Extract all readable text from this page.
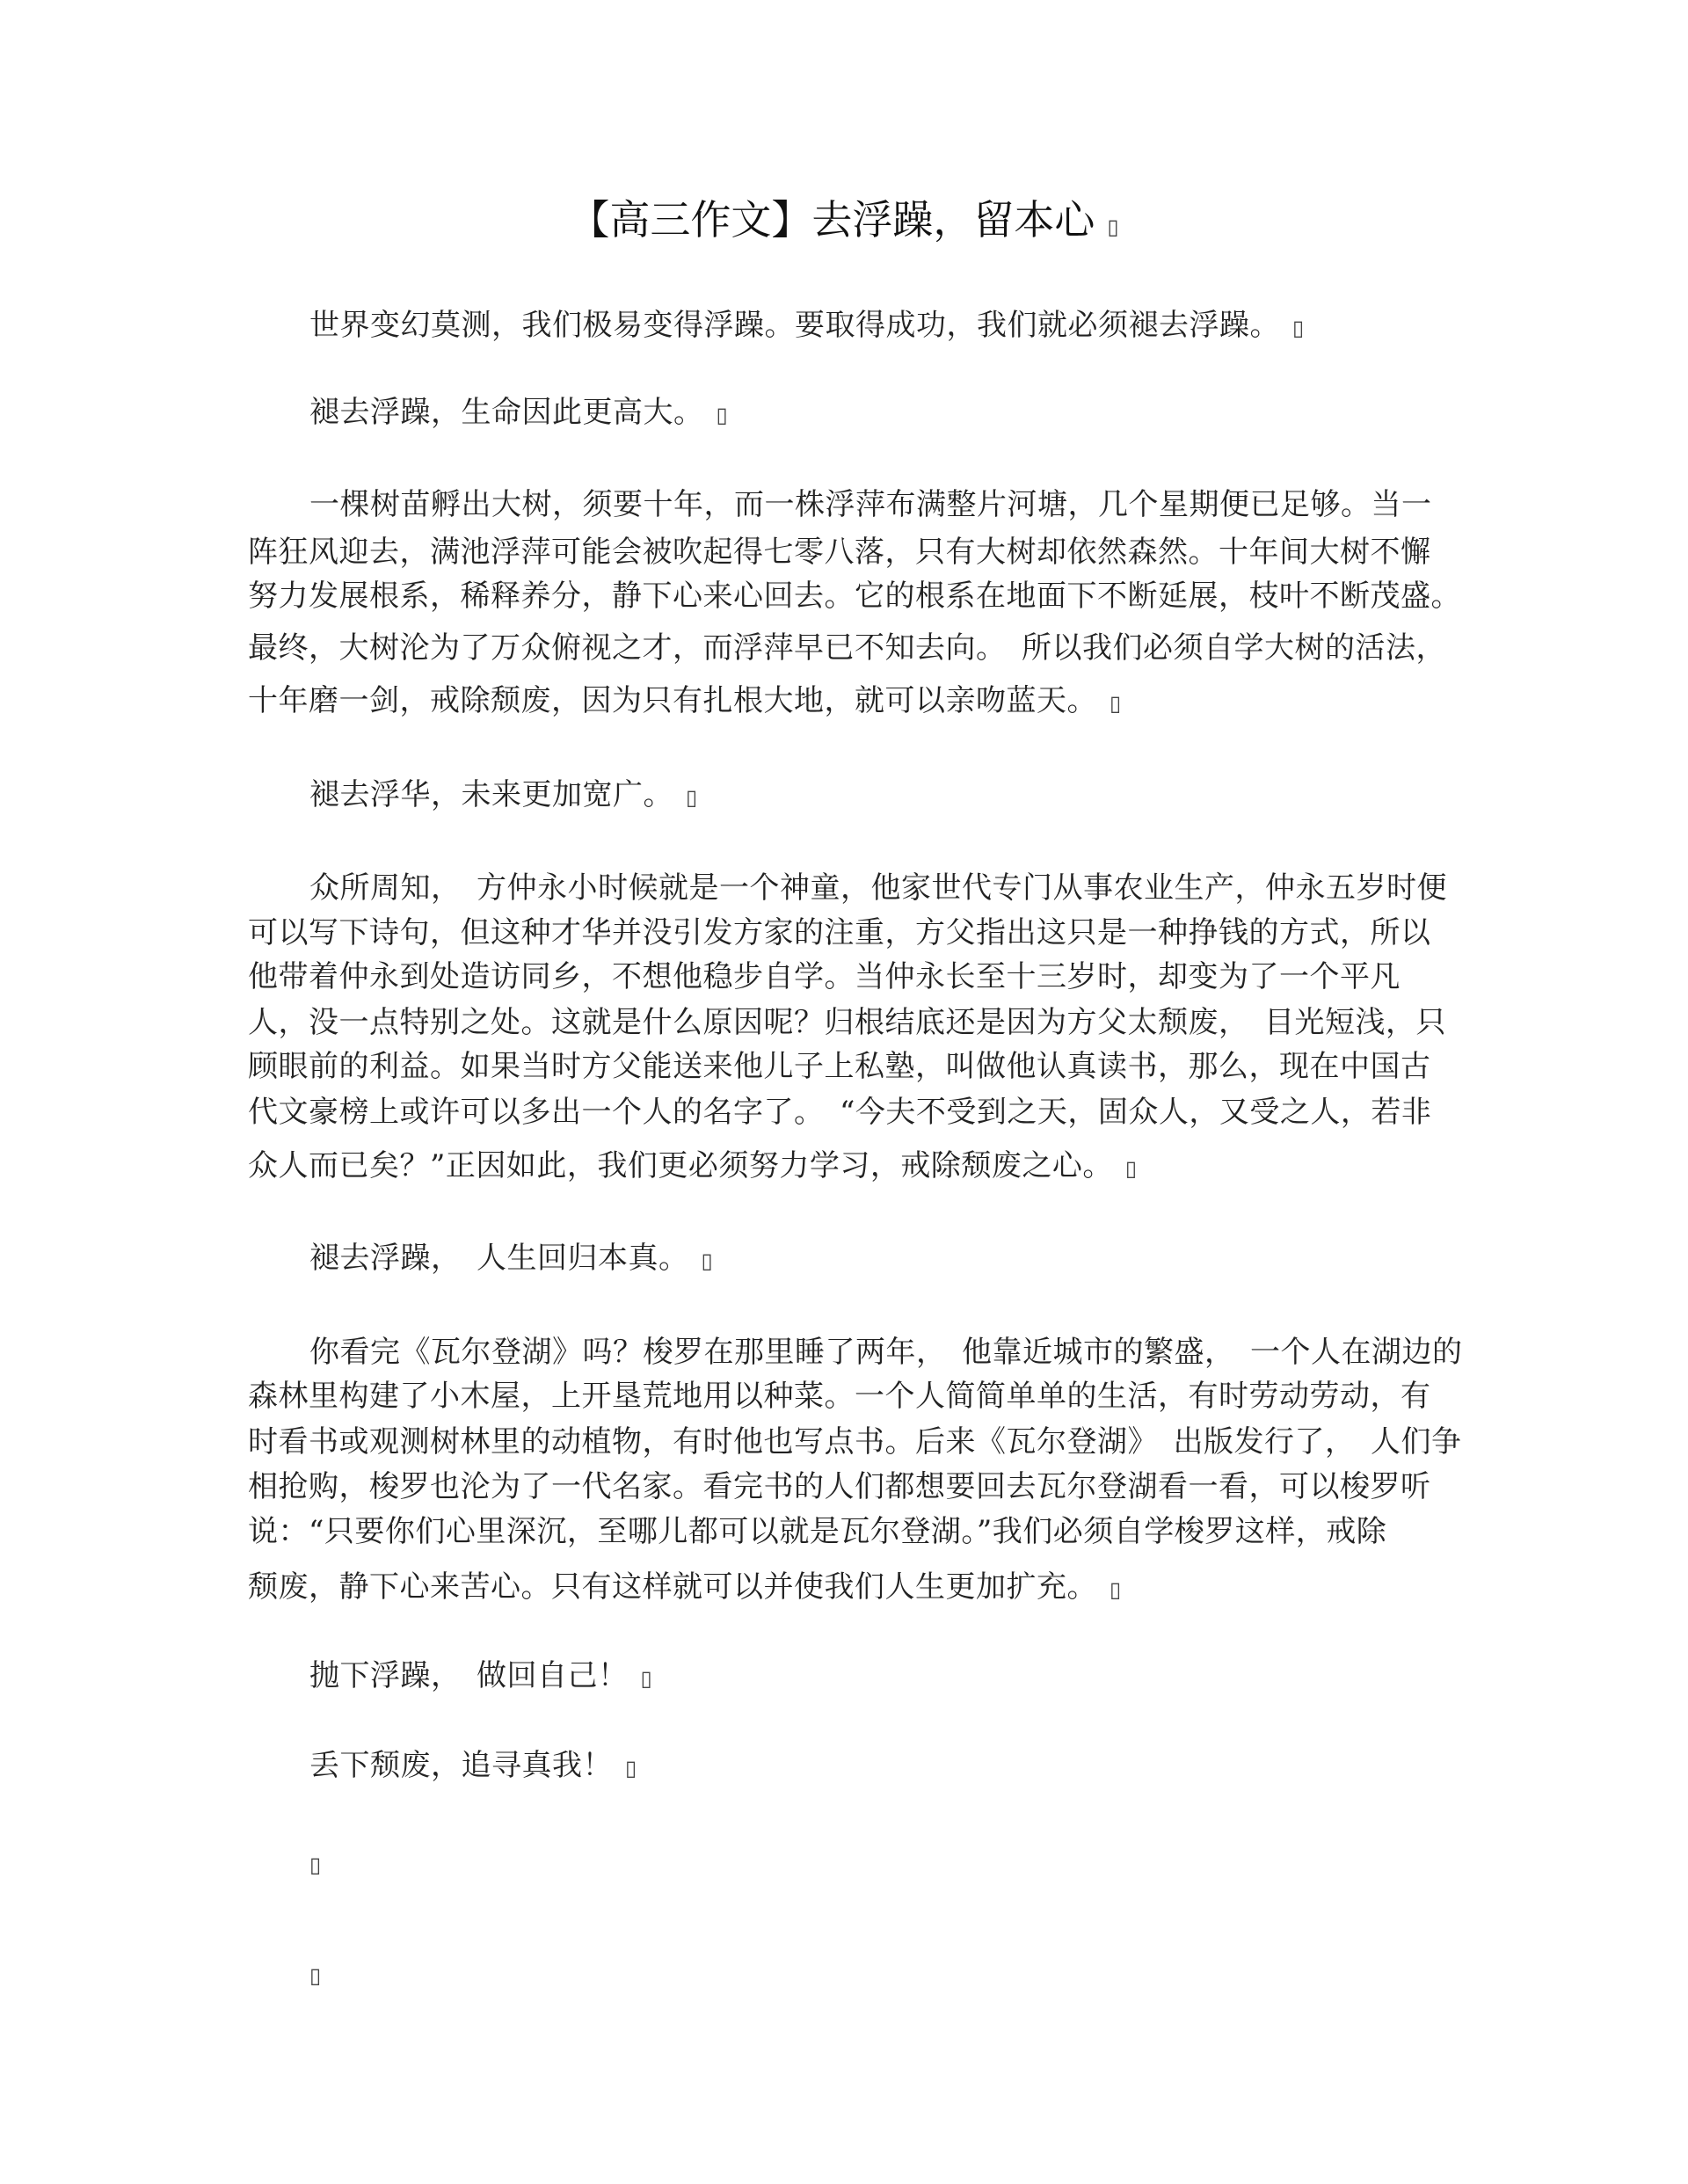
【高三作文】去浮躁，留本心 ▯
世界变幻莫测，我们极易变得浮躁。要取得成功，我们就必须褪去浮躁。 ▯
褪去浮躁，生命因此更高大。 ▯
一棵树苗孵出大树，须要十年，而一株浮萍布满整片河塘，几个星期便已足够。当一
阵狂风迎去，满池浮萍可能会被吹起得七零八落，只有大树却依然森然。十年间大树不懈
努力发展根系，稀释养分，静下心来心回去。它的根系在地面下不断延展，枝叶不断茂盛。
最终，大树沦为了万众俯视之才，而浮萍早已不知去向。　所以我们必须自学大树的活法，
十年磨一剑，戒除颓废，因为只有扎根大地，就可以亲吻蓝天。 ▯
褪去浮华，未来更加宽广。 ▯
众所周知，　方仲永小时候就是一个神童，他家世代专门从事农业生产，仲永五岁时便
可以写下诗句，但这种才华并没引发方家的注重，方父指出这只是一种挣钱的方式，所以
他带着仲永到处造访同乡，不想他稳步自学。当仲永长至十三岁时，却变为了一个平凡
人，没一点特别之处。这就是什么原因呢？归根结底还是因为方父太颓废，　目光短浅，只
顾眼前的利益。如果当时方父能送来他儿子上私塾，叫做他认真读书，那么，现在中国古
代文豪榜上或许可以多出一个人的名字了。　“今夫不受到之天，固众人，又受之人，若非
众人而已矣？”正因如此，我们更必须努力学习，戒除颓废之心。 ▯
褪去浮躁，　人生回归本真。 ▯
你看完《瓦尔登湖》吗？梭罗在那里睡了两年，　他靠近城市的繁盛，　一个人在湖边的
森林里构建了小木屋，上开垦荒地用以种菜。一个人简简单单的生活，有时劳动劳动，有
时看书或观测树林里的动植物，有时他也写点书。后来《瓦尔登湖》　出版发行了，　人们争
相抢购，梭罗也沦为了一代名家。看完书的人们都想要回去瓦尔登湖看一看，可以梭罗听
说：“只要你们心里深沉，至哪儿都可以就是瓦尔登湖。”我们必须自学梭罗这样，戒除
颓废，静下心来苦心。只有这样就可以并使我们人生更加扩充。 ▯
抛下浮躁，　做回自己！ ▯
丢下颓废，追寻真我！ ▯
▯
▯
